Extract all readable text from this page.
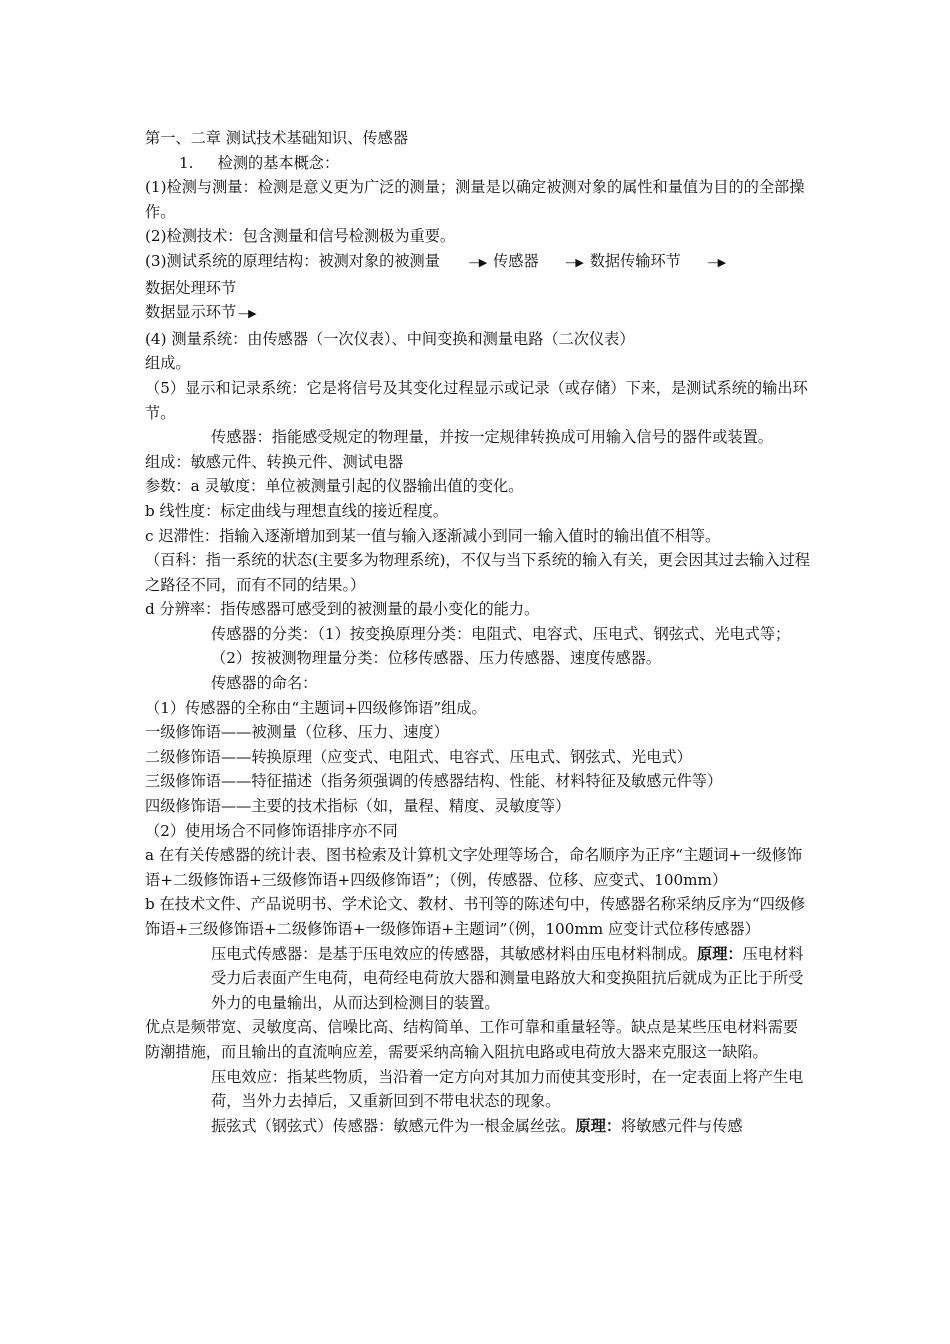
第一、二章 测试技术基础知识、传感器

1. 检测的基本概念：

(1)检测与测量：检测是意义更为广泛的测量；测量是以确定被测对象的属性和量值为目的的全部操作。

(2)检测技术：包含测量和信号检测极为重要。

(3)测试系统的原理结构：被测对象的被测量	—▶ 传感器 —▶ 数据传输环节 —▶ 数据处理环节

数据显示环节 —▶

(4) 测量系统：由传感器（一次仪表）、中间变换和测量电路（二次仪表）

组成。

（5）显示和记录系统：它是将信号及其变化过程显示或记录（或存储）下来，是测试系统的输出环节。

传感器：指能感受规定的物理量，并按一定规律转换成可用输入信号的器件或装置。

组成：敏感元件、转换元件、测试电器

参数：a 灵敏度：单位被测量引起的仪器输出值的变化。

b 线性度：标定曲线与理想直线的接近程度。

c 迟滞性：指输入逐渐增加到某一值与输入逐渐减小到同一输入值时的输出值不相等。

（百科：指一系统的状态(主要多为物理系统)，不仅与当下系统的输入有关，更会因其过去输入过程之路径不同，而有不同的结果。）

d 分辨率：指传感器可感受到的被测量的最小变化的能力。

传感器的分类：（1）按变换原理分类：电阻式、电容式、压电式、钢弦式、光电式等；（2）按被测物理量分类：位移传感器、压力传感器、速度传感器。

传感器的命名：

（1）传感器的全称由“主题词+四级修饰语”组成。

一级修饰语——被测量（位移、压力、速度）

二级修饰语——转换原理（应变式、电阻式、电容式、压电式、钢弦式、光电式）

三级修饰语——特征描述（指务须强调的传感器结构、性能、材料特征及敏感元件等）

四级修饰语——主要的技术指标（如，量程、精度、灵敏度等）

（2）使用场合不同修饰语排序亦不同

a 在有关传感器的统计表、图书检索及计算机文字处理等场合，命名顺序为正序“主题词+一级修饰语+二级修饰语+三级修饰语+四级修饰语”；（例，传感器、位移、应变式、100mm）

b 在技术文件、产品说明书、学术论文、教材、书刊等的陈述句中，传感器名称采纳反序为“四级修饰语+三级修饰语+二级修饰语+一级修饰语+主题词”（例，100mm 应变计式位移传感器）

压电式传感器：是基于压电效应的传感器，其敏感材料由压电材料制成。原理：压电材料受力后表面产生电荷，电荷经电荷放大器和测量电路放大和变换阻抗后就成为正比于所受外力的电量输出，从而达到检测目的装置。

优点是频带宽、灵敏度高、信噪比高、结构简单、工作可靠和重量轻等。缺点是某些压电材料需要防潮措施，而且输出的直流响应差，需要采纳高输入阻抗电路或电荷放大器来克服这一缺陷。

压电效应：指某些物质，当沿着一定方向对其加力而使其变形时，在一定表面上将产生电荷，当外力去掉后，又重新回到不带电状态的现象。

振弦式（钢弦式）传感器：敏感元件为一根金属丝弦。原理：将敏感元件与传感
